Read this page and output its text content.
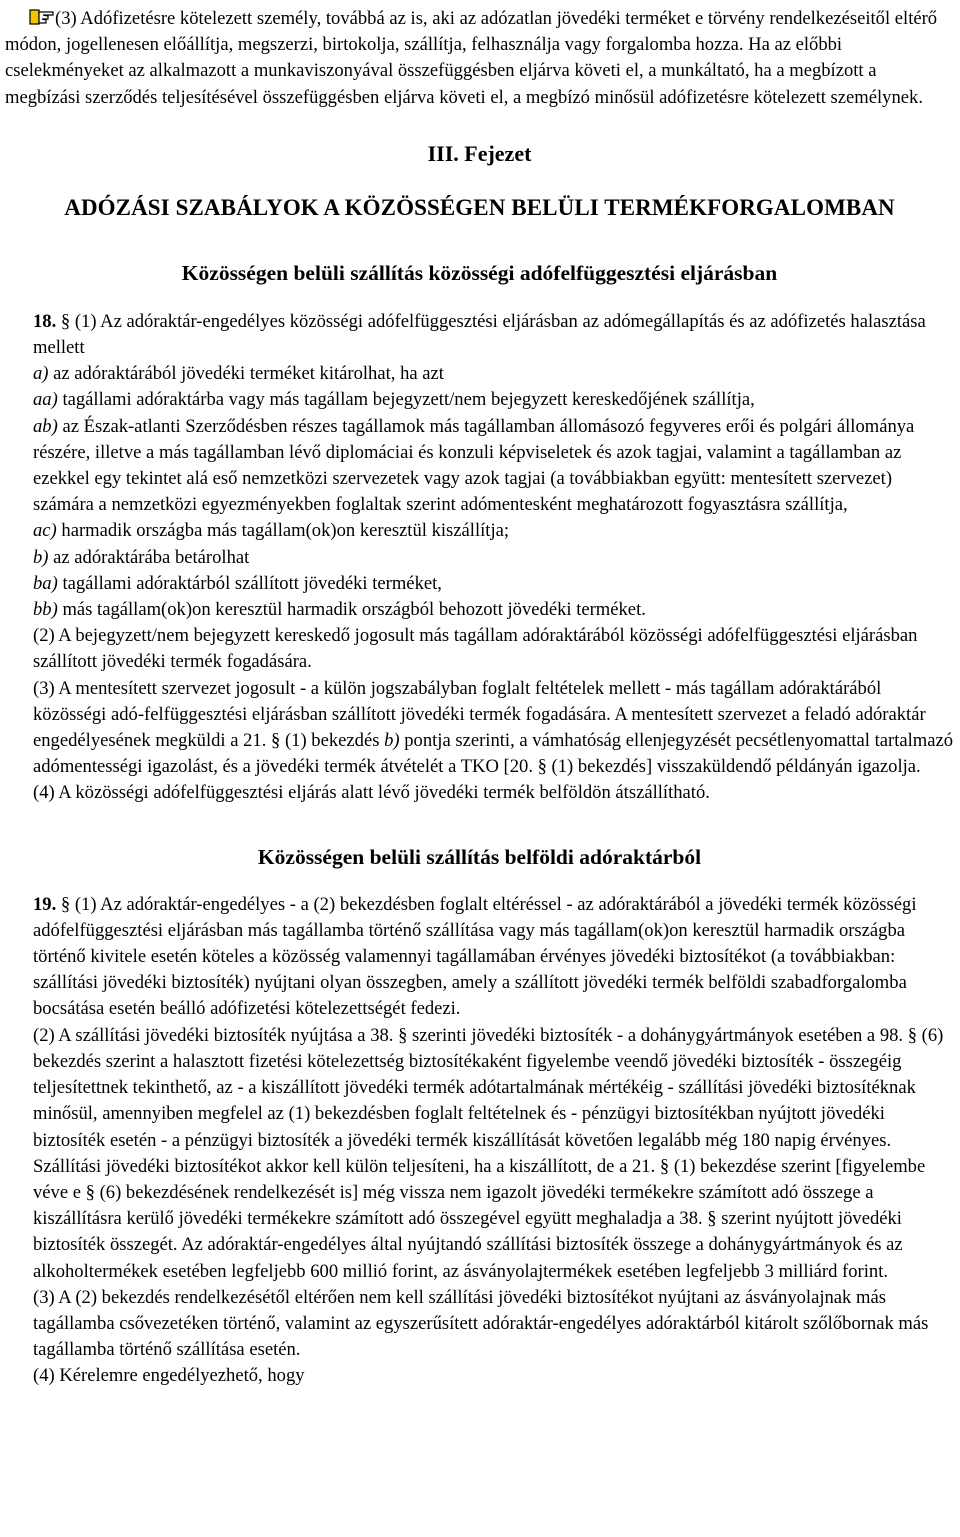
(3) Adófizetésre kötelezett személy, továbbá az is, aki az adózatlan jövedéki terméket e törvény rendelkezéseitől eltérő módon, jogellenesen előállítja, megszerzi, birtokolja, szállítja, felhasználja vagy forgalomba hozza. Ha az előbbi cselekményeket az alkalmazott a munkaviszonyával összefüggésben eljárva követi el, a munkáltató, ha a megbízott a megbízási szerződés teljesítésével összefüggésben eljárva követi el, a megbízó minősül adófizetésre kötelezett személynek.

III. Fejezet

ADÓZÁSI SZABÁLYOK A KÖZÖSSÉGEN BELÜLI TERMÉKFORGALOMBAN

Közösségen belüli szállítás közösségi adófelfüggesztési eljárásban

18. § (1) Az adóraktár-engedélyes közösségi adófelfüggesztési eljárásban az adómegállapítás és az adófizetés halasztása mellett

a) az adóraktárából jövedéki terméket kitárolhat, ha azt

aa) tagállami adóraktárba vagy más tagállam bejegyzett/nem bejegyzett kereskedőjének szállítja,

ab) az Észak-atlanti Szerződésben részes tagállamok más tagállamban állomásozó fegyveres erői és polgári állománya részére, illetve a más tagállamban lévő diplomáciai és konzuli képviseletek és azok tagjai, valamint a tagállamban az ezekkel egy tekintet alá eső nemzetközi szervezetek vagy azok tagjai (a továbbiakban együtt: mentesített szervezet) számára a nemzetközi egyezményekben foglaltak szerint adómentesként meghatározott fogyasztásra szállítja,

ac) harmadik országba más tagállam(ok)on keresztül kiszállítja;

b) az adóraktárába betárolhat

ba) tagállami adóraktárból szállított jövedéki terméket,

bb) más tagállam(ok)on keresztül harmadik országból behozott jövedéki terméket.

(2) A bejegyzett/nem bejegyzett kereskedő jogosult más tagállam adóraktárából közösségi adófelfüggesztési eljárásban szállított jövedéki termék fogadására.

(3) A mentesített szervezet jogosult - a külön jogszabályban foglalt feltételek mellett - más tagállam adóraktárából közösségi adó-felfüggesztési eljárásban szállított jövedéki termék fogadására. A mentesített szervezet a feladó adóraktár engedélyesének megküldi a 21. § (1) bekezdés b) pontja szerinti, a vámhatóság ellenjegyzését pecsétlenyomattal tartalmazó adómentességi igazolást, és a jövedéki termék átvételét a TKO [20. § (1) bekezdés] visszaküldendő példányán igazolja.

(4) A közösségi adófelfüggesztési eljárás alatt lévő jövedéki termék belföldön átszállítható.

Közösségen belüli szállítás belföldi adóraktárból

19. § (1) Az adóraktár-engedélyes - a (2) bekezdésben foglalt eltéréssel - az adóraktárából a jövedéki termék közösségi adófelfüggesztési eljárásban más tagállamba történő szállítása vagy más tagállam(ok)on keresztül harmadik országba történő kivitele esetén köteles a közösség valamennyi tagállamában érvényes jövedéki biztosítékot (a továbbiakban: szállítási jövedéki biztosíték) nyújtani olyan összegben, amely a szállított jövedéki termék belföldi szabadforgalomba bocsátása esetén beálló adófizetési kötelezettségét fedezi.

(2) A szállítási jövedéki biztosíték nyújtása a 38. § szerinti jövedéki biztosíték - a dohánygyártmányok esetében a 98. § (6) bekezdés szerint a halasztott fizetési kötelezettség biztosítékaként figyelembe veendő jövedéki biztosíték - összegéig teljesítettnek tekinthető, az - a kiszállított jövedéki termék adótartalmának mértékéig - szállítási jövedéki biztosítéknak minősül, amennyiben megfelel az (1) bekezdésben foglalt feltételnek és - pénzügyi biztosítékban nyújtott jövedéki biztosíték esetén - a pénzügyi biztosíték a jövedéki termék kiszállítását követően legalább még 180 napig érvényes. Szállítási jövedéki biztosítékot akkor kell külön teljesíteni, ha a kiszállított, de a 21. § (1) bekezdése szerint [figyelembe véve e § (6) bekezdésének rendelkezését is] még vissza nem igazolt jövedéki termékekre számított adó összege a kiszállításra kerülő jövedéki termékekre számított adó összegével együtt meghaladja a 38. § szerint nyújtott jövedéki biztosíték összegét. Az adóraktár-engedélyes által nyújtandó szállítási biztosíték összege a dohánygyártmányok és az alkoholtermékek esetében legfeljebb 600 millió forint, az ásványolajtermékek esetében legfeljebb 3 milliárd forint.

(3) A (2) bekezdés rendelkezésétől eltérően nem kell szállítási jövedéki biztosítékot nyújtani az ásványolajnak más tagállamba csővezetéken történő, valamint az egyszerűsített adóraktár-engedélyes adóraktárból kitárolt szőlőbornak más tagállamba történő szállítása esetén.

(4) Kérelemre engedélyezhető, hogy
